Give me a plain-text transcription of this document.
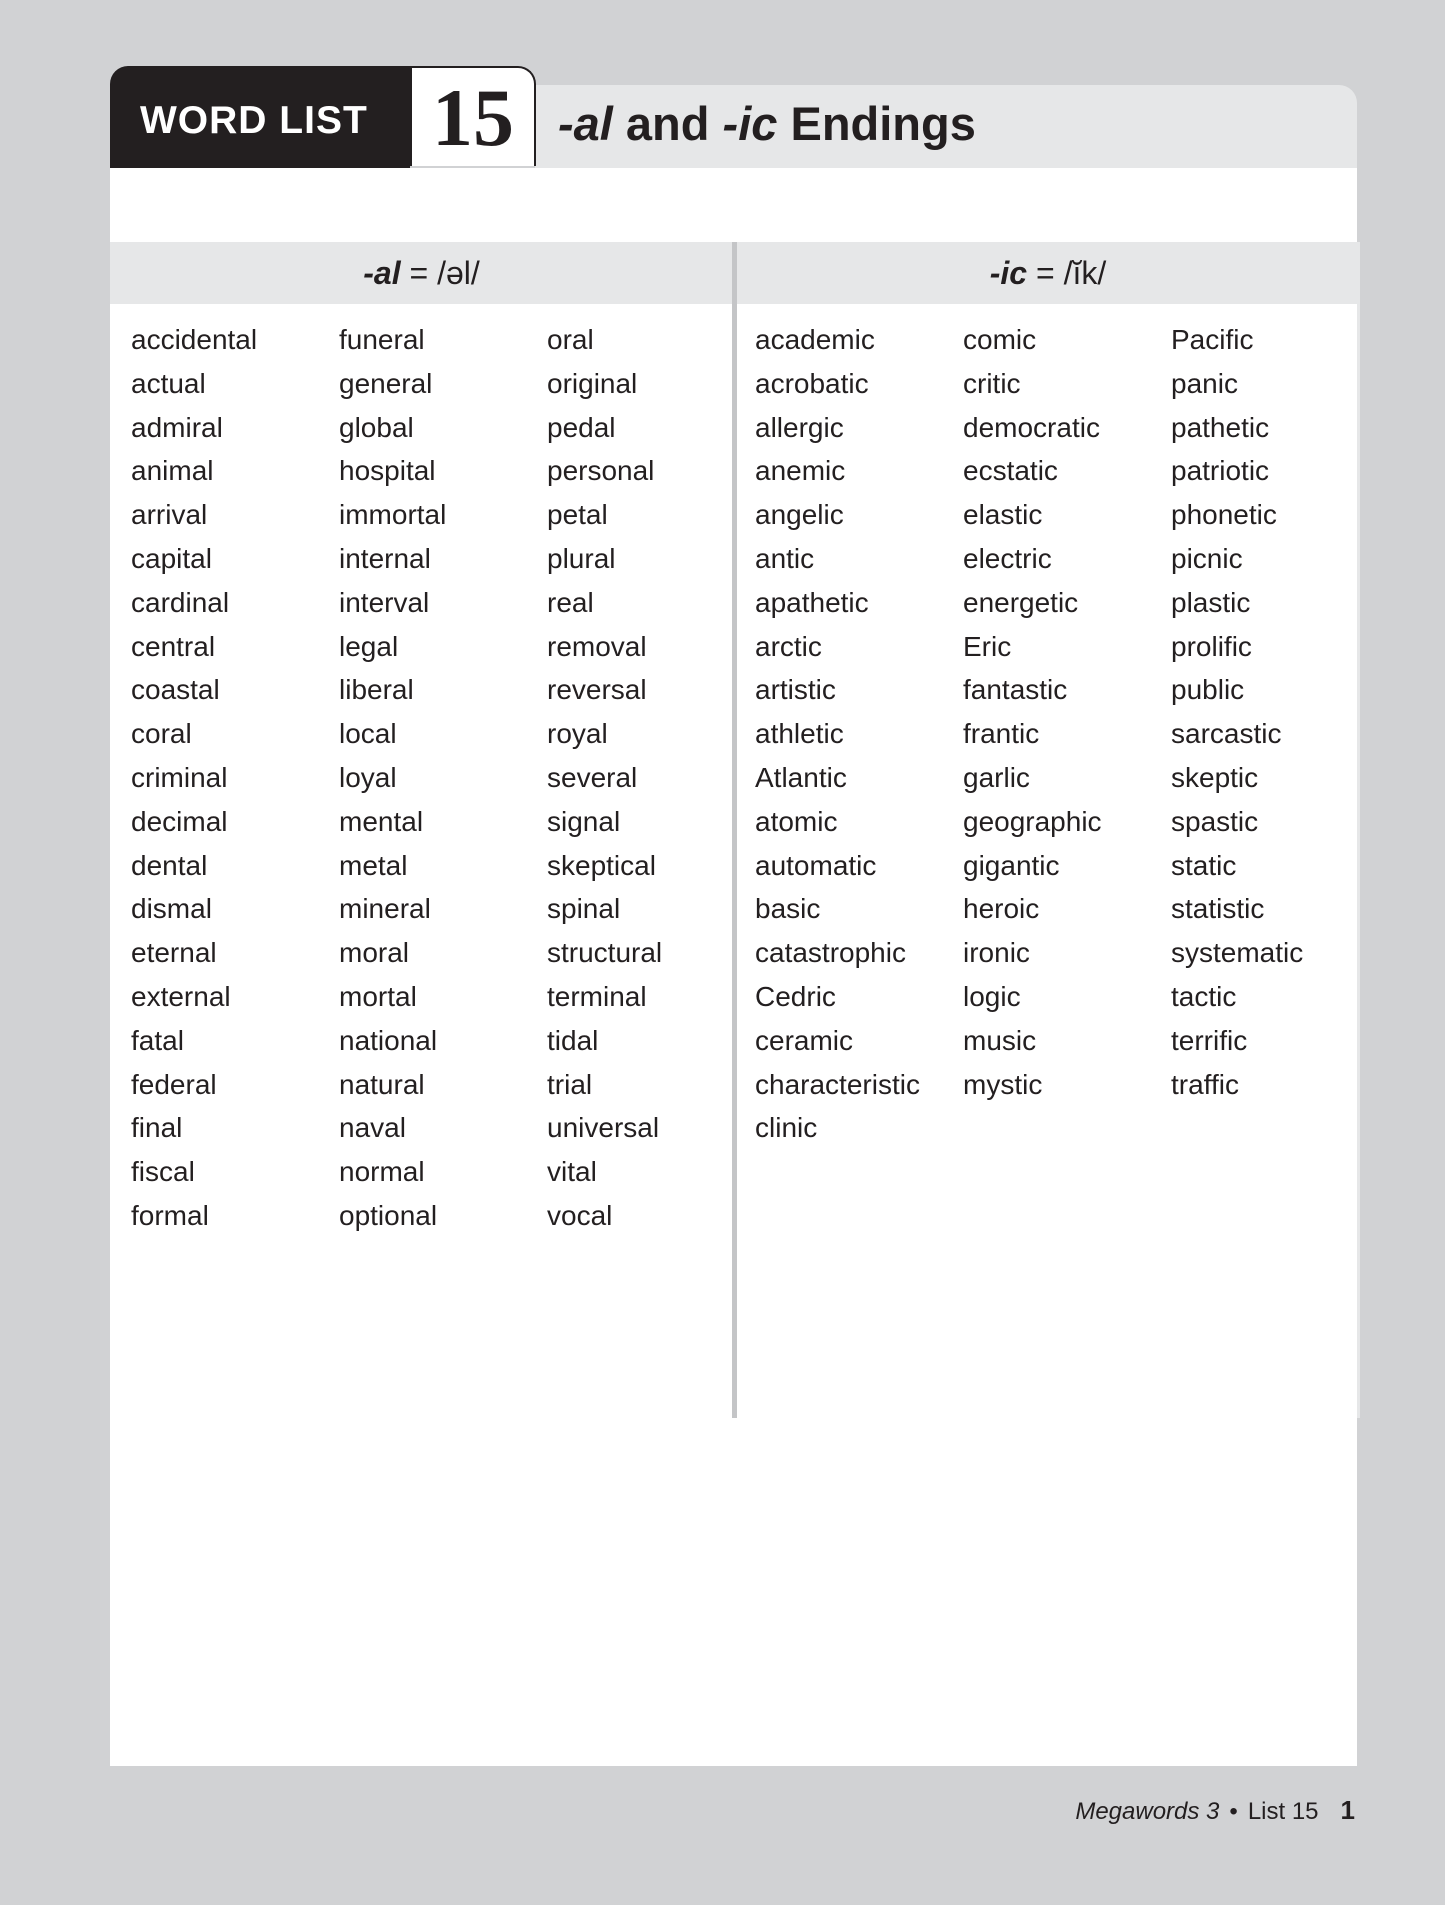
-al and -ic Endings
WORD LIST 15
-al = /əl/	-ic = /ĭk/
accidental
actual
admiral
animal
arrival
capital
cardinal
central
coastal
coral
criminal
decimal
dental
dismal
eternal
external
fatal
federal
final
fiscal
formal
funeral
general
global
hospital
immortal
internal
interval
legal
liberal
local
loyal
mental
metal
mineral
moral
mortal
national
natural
naval
normal
optional
oral
original
pedal
personal
petal
plural
real
removal
reversal
royal
several
signal
skeptical
spinal
structural
terminal
tidal
trial
universal
vital
vocal
academic
acrobatic
allergic
anemic
angelic
antic
apathetic
arctic
artistic
athletic
Atlantic
atomic
automatic
basic
catastrophic
Cedric
ceramic
characteristic
clinic
comic
critic
democratic
ecstatic
elastic
electric
energetic
Eric
fantastic
frantic
garlic
geographic
gigantic
heroic
ironic
logic
music
mystic
Pacific
panic
pathetic
patriotic
phonetic
picnic
plastic
prolific
public
sarcastic
skeptic
spastic
static
statistic
systematic
tactic
terrific
traffic
Megawords 3 • List 15 1
